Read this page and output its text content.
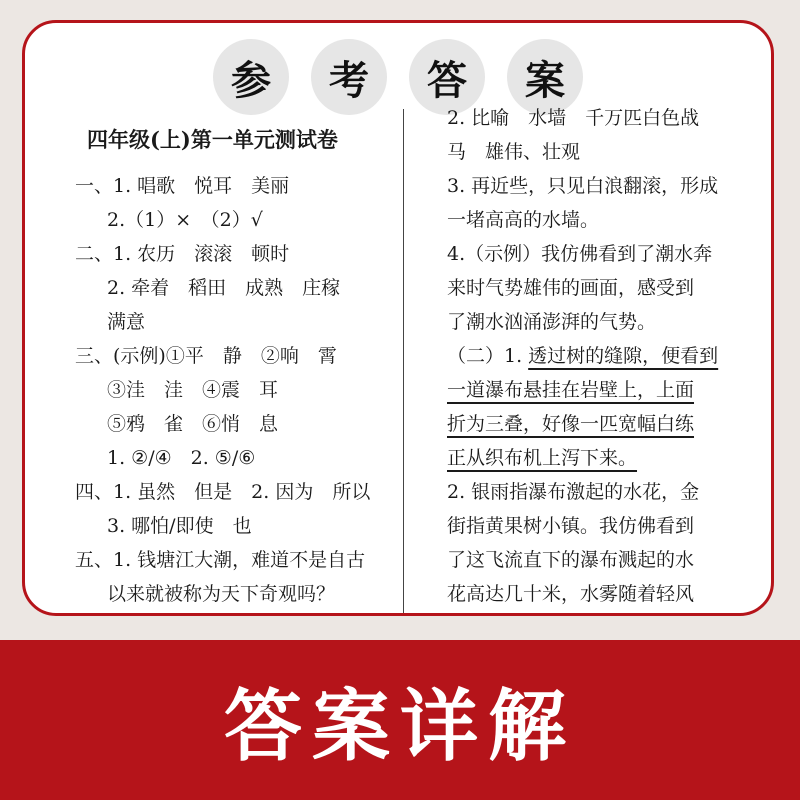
参	考	答	案
四年级(上)第一单元测试卷
一、1. 唱歌　悦耳　美丽
2.（1）×　（2）√
二、1. 农历　滚滚　顿时
2. 牵着　稻田　成熟　庄稼
满意
三、(示例)①平　静　②响　霄
③洼　洼　④震　耳
⑤鸦　雀　⑥悄　息
1. ②/④　2. ⑤/⑥
四、1. 虽然　但是　2. 因为　所以
3. 哪怕/即使　也
五、1. 钱塘江大潮，难道不是自古
以来就被称为天下奇观吗？
2. 比喻　水墙　千万匹白色战
马　雄伟、壮观
3. 再近些，只见白浪翻滚，形成
一堵高高的水墙。
4.（示例）我仿佛看到了潮水奔
来时气势雄伟的画面，感受到
了潮水汹涌澎湃的气势。
（二）1. 透过树的缝隙，便看到
一道瀑布悬挂在岩壁上，上面
折为三叠，好像一匹宽幅白练
正从织布机上泻下来。
2. 银雨指瀑布激起的水花，金
街指黄果树小镇。我仿佛看到
了这飞流直下的瀑布溅起的水
花高达几十米，水雾随着轻风
答案详解
